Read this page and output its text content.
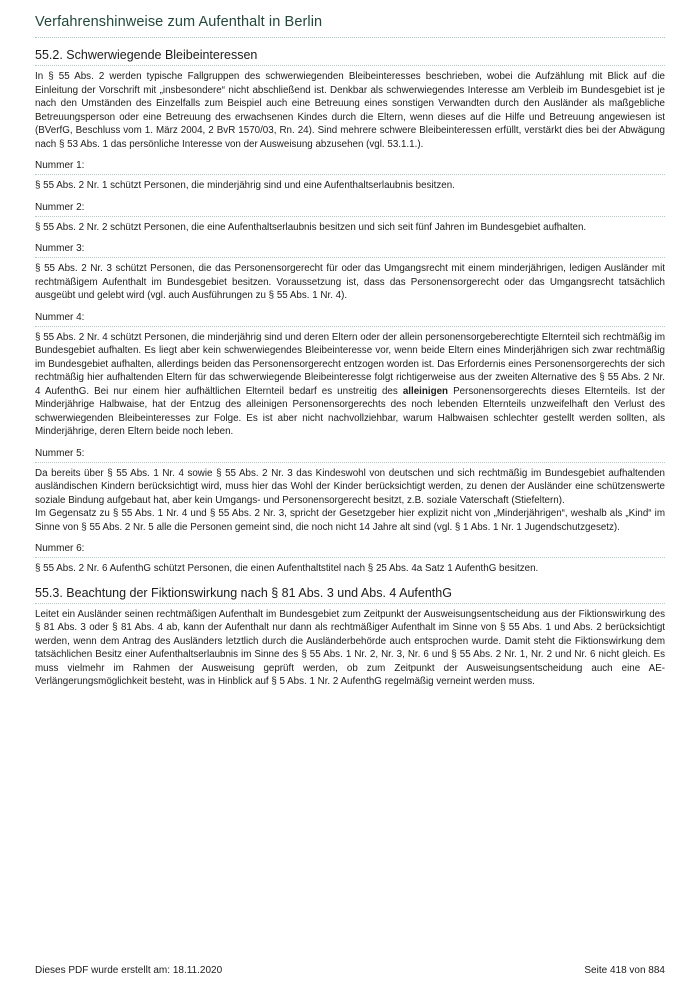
Verfahrenshinweise zum Aufenthalt in Berlin
55.2. Schwerwiegende Bleibeinteressen

In § 55 Abs. 2 werden typische Fallgruppen des schwerwiegenden Bleibeinteresses beschrieben, wobei die Aufzählung mit Blick auf die Einleitung der Vorschrift mit „insbesondere“ nicht abschließend ist. Denkbar als schwerwiegendes Interesse am Verbleib im Bundesgebiet ist je nach den Umständen des Einzelfalls zum Beispiel auch eine Betreuung eines sonstigen Verwandten durch den Ausländer als maßgebliche Betreuungsperson oder eine Betreuung des erwachsenen Kindes durch die Eltern, wenn dieses auf die Hilfe und Betreuung angewiesen ist (BVerfG, Beschluss vom 1. März 2004, 2 BvR 1570/03, Rn. 24). Sind mehrere schwere Bleibeinteressen erfüllt, verstärkt dies bei der Abwägung nach § 53 Abs. 1 das persönliche Interesse von der Ausweisung abzusehen (vgl. 53.1.1.).

Nummer 1:

§ 55 Abs. 2 Nr. 1 schützt Personen, die minderjährig sind und eine Aufenthaltserlaubnis besitzen.

Nummer 2:

§ 55 Abs. 2 Nr. 2 schützt Personen, die eine Aufenthaltserlaubnis besitzen und sich seit fünf Jahren im Bundesgebiet aufhalten.

Nummer 3:

§ 55 Abs. 2 Nr. 3 schützt Personen, die das Personensorgerecht für oder das Umgangsrecht mit einem minderjährigen, ledigen Ausländer mit rechtmäßigem Aufenthalt im Bundesgebiet besitzen. Voraussetzung ist, dass das Personensorgerecht oder das Umgangsrecht tatsächlich ausgeübt und gelebt wird (vgl. auch Ausführungen zu § 55 Abs. 1 Nr. 4).

Nummer 4:

§ 55 Abs. 2 Nr. 4 schützt Personen, die minderjährig sind und deren Eltern oder der allein personensorgeberechtigte Elternteil sich rechtmäßig im Bundesgebiet aufhalten. Es liegt aber kein schwerwiegendes Bleibeinteresse vor, wenn beide Eltern eines Minderjährigen sich zwar rechtmäßig im Bundesgebiet aufhalten, allerdings beiden das Personensorgerecht entzogen worden ist. Das Erfordernis eines Personensorgerechts der sich rechtmäßig hier aufhaltenden Eltern für das schwerwiegende Bleibeinteresse folgt richtigerweise aus der zweiten Alternative des § 55 Abs. 2 Nr. 4 AufenthG. Bei nur einem hier aufhältlichen Elternteil bedarf es unstreitig des alleinigen Personensorgerechts dieses Elternteils. Ist der Minderjährige Halbwaise, hat der Entzug des alleinigen Personensorgerechts des noch lebenden Elternteils unzweifelhaft den Verlust des schwerwiegenden Bleibeinteresses zur Folge. Es ist aber nicht nachvollziehbar, warum Halbwaisen schlechter gestellt werden sollten, als Minderjährige, deren Eltern beide noch leben.

Nummer 5:

Da bereits über § 55 Abs. 1 Nr. 4 sowie § 55 Abs. 2 Nr. 3 das Kindeswohl von deutschen und sich rechtmäßig im Bundesgebiet aufhaltenden ausländischen Kindern berücksichtigt wird, muss hier das Wohl der Kinder berücksichtigt werden, zu denen der Ausländer eine schützenswerte soziale Bindung aufgebaut hat, aber kein Umgangs- und Personensorgerecht besitzt, z.B. soziale Vaterschaft (Stiefeltern).

Im Gegensatz zu § 55 Abs. 1 Nr. 4 und § 55 Abs. 2 Nr. 3, spricht der Gesetzgeber hier explizit nicht von „Minderjährigen“, weshalb als „Kind“ im Sinne von § 55 Abs. 2 Nr. 5 alle die Personen gemeint sind, die noch nicht 14 Jahre alt sind (vgl. § 1 Abs. 1 Nr. 1 Jugendschutzgesetz).

Nummer 6:

§ 55 Abs. 2 Nr. 6 AufenthG schützt Personen, die einen Aufenthaltstitel nach § 25 Abs. 4a Satz 1 AufenthG besitzen.

55.3. Beachtung der Fiktionswirkung nach § 81 Abs. 3 und Abs. 4 AufenthG

Leitet ein Ausländer seinen rechtmäßigen Aufenthalt im Bundesgebiet zum Zeitpunkt der Ausweisungsentscheidung aus der Fiktionswirkung des § 81 Abs. 3 oder § 81 Abs. 4 ab, kann der Aufenthalt nur dann als rechtmäßiger Aufenthalt im Sinne von § 55 Abs. 1 und Abs. 2 berücksichtigt werden, wenn dem Antrag des Ausländers letztlich durch die Ausländerbehörde auch entsprochen wurde. Damit steht die Fiktionswirkung dem tatsächlichen Besitz einer Aufenthaltserlaubnis im Sinne des § 55 Abs. 1 Nr. 2, Nr. 3, Nr. 6 und § 55 Abs. 2 Nr. 1, Nr. 2 und Nr. 6 nicht gleich. Es muss vielmehr im Rahmen der Ausweisung geprüft werden, ob zum Zeitpunkt der Ausweisungsentscheidung auch eine AE-Verlängerungsmöglichkeit besteht, was in Hinblick auf § 5 Abs. 1 Nr. 2 AufenthG regelmäßig verneint werden muss.

Dieses PDF wurde erstellt am: 18.11.2020	Seite 418 von 884
